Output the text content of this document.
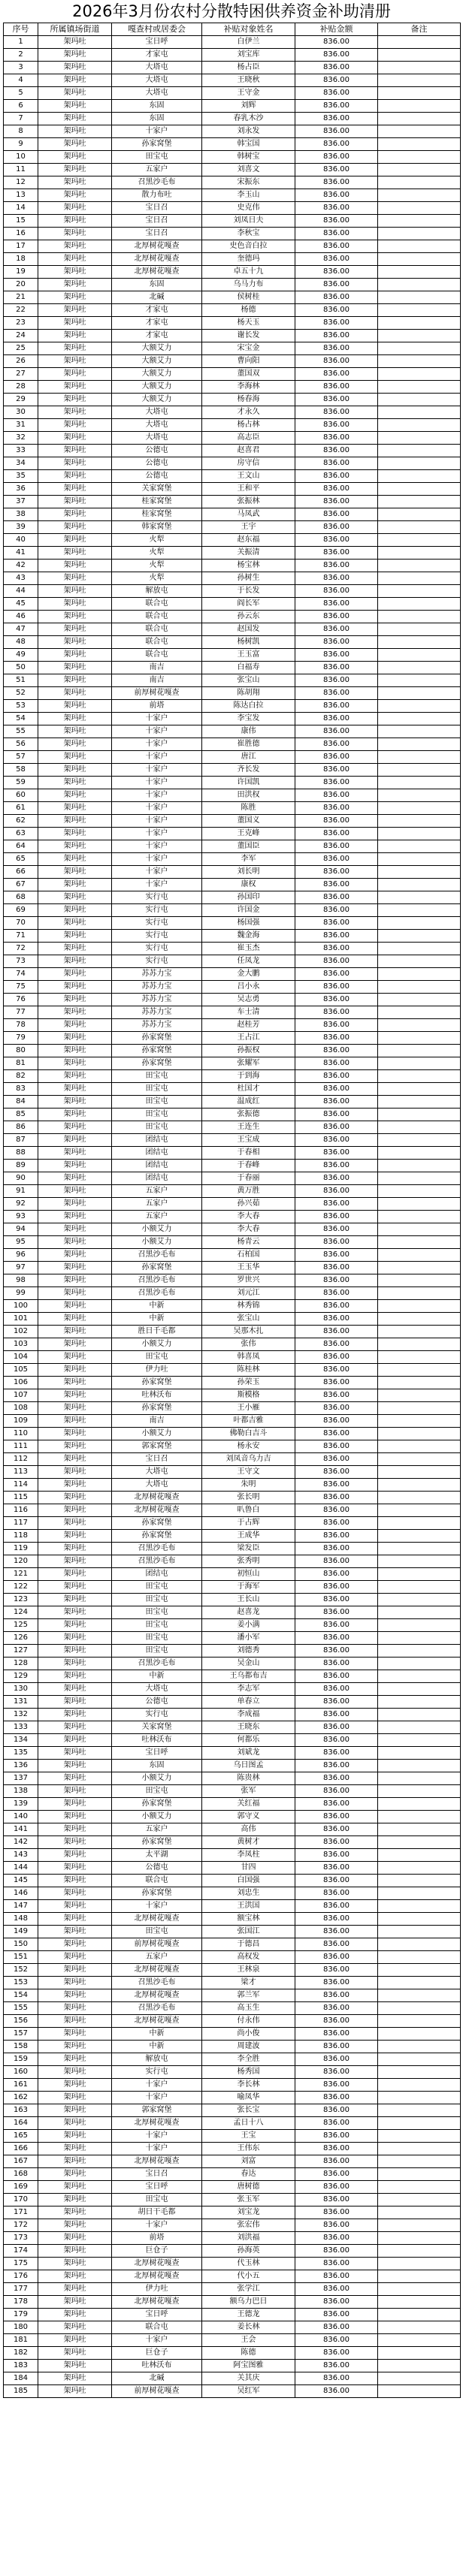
2026年3月份农村分散特困供养资金补助清册
序号	所属镇场街道	嘎查村或居委会	补贴对象姓名	补贴金额	备注
1	架玛吐	宝日呼	白伊兰	836.00	
2	架玛吐	才家屯	刘宝库	836.00	
3	架玛吐	大塔屯	杨占臣	836.00	
4	架玛吐	大塔屯	王晓秋	836.00	
5	架玛吐	大塔屯	王守金	836.00	
6	架玛吐	东固	刘辉	836.00	
7	架玛吐	东固	春乳木沙	836.00	
8	架玛吐	十家户	刘永发	836.00	
9	架玛吐	孙家窝堡	韩宝国	836.00	
10	架玛吐	田宝屯	韩树宝	836.00	
11	架玛吐	五家户	刘喜文	836.00	
12	架玛吐	召黑沙毛布	宋振东	836.00	
13	架玛吐	散力布吐	李玉山	836.00	
14	架玛吐	宝日召	史克伟	836.00	
15	架玛吐	宝日召	刘凤日夫	836.00	
16	架玛吐	宝日召	李秋宝	836.00	
17	架玛吐	北厚树花嘎查	史色音白拉	836.00	
18	架玛吐	北厚树花嘎查	奎德玛	836.00	
19	架玛吐	北厚树花嘎查	卓五十九	836.00	
20	架玛吐	东固	乌马力布	836.00	
21	架玛吐	北碱	侯树桂	836.00	
22	架玛吐	才家屯	杨德	836.00	
23	架玛吐	才家屯	杨天玉	836.00	
24	架玛吐	才家屯	谢长发	836.00	
25	架玛吐	大额艾力	宋宝金	836.00	
26	架玛吐	大额艾力	曹向阳	836.00	
27	架玛吐	大额艾力	董国双	836.00	
28	架玛吐	大额艾力	李海林	836.00	
29	架玛吐	大额艾力	杨春海	836.00	
30	架玛吐	大塔屯	才永久	836.00	
31	架玛吐	大塔屯	杨占林	836.00	
32	架玛吐	大塔屯	高志臣	836.00	
33	架玛吐	公德屯	赵喜君	836.00	
34	架玛吐	公德屯	房守信	836.00	
35	架玛吐	公德屯	王文山	836.00	
36	架玛吐	关家窝堡	王和平	836.00	
37	架玛吐	桂家窝堡	张振林	836.00	
38	架玛吐	桂家窝堡	马凤武	836.00	
39	架玛吐	韩家窝堡	王宇	836.00	
40	架玛吐	火犁	赵东福	836.00	
41	架玛吐	火犁	关振清	836.00	
42	架玛吐	火犁	杨宝林	836.00	
43	架玛吐	火犁	孙树生	836.00	
44	架玛吐	解放屯	于长发	836.00	
45	架玛吐	联合屯	阎长军	836.00	
46	架玛吐	联合屯	孙云东	836.00	
47	架玛吐	联合屯	赵国发	836.00	
48	架玛吐	联合屯	杨树凯	836.00	
49	架玛吐	联合屯	王玉富	836.00	
50	架玛吐	南吉	白福寿	836.00	
51	架玛吐	南吉	张宝山	836.00	
52	架玛吐	前厚树花嘎查	陈胡翔	836.00	
53	架玛吐	前塔	陈达白拉	836.00	
54	架玛吐	十家户	李宝发	836.00	
55	架玛吐	十家户	康伟	836.00	
56	架玛吐	十家户	崔胜德	836.00	
57	架玛吐	十家户	唐江	836.00	
58	架玛吐	十家户	齐长发	836.00	
59	架玛吐	十家户	许国凯	836.00	
60	架玛吐	十家户	田洪权	836.00	
61	架玛吐	十家户	陈胜	836.00	
62	架玛吐	十家户	董国义	836.00	
63	架玛吐	十家户	王克峰	836.00	
64	架玛吐	十家户	董国臣	836.00	
65	架玛吐	十家户	李军	836.00	
66	架玛吐	十家户	刘长明	836.00	
67	架玛吐	十家户	康权	836.00	
68	架玛吐	实行屯	孙国印	836.00	
69	架玛吐	实行屯	许国金	836.00	
70	架玛吐	实行屯	杨国强	836.00	
71	架玛吐	实行屯	魏金海	836.00	
72	架玛吐	实行屯	崔玉杰	836.00	
73	架玛吐	实行屯	任凤龙	836.00	
74	架玛吐	苏苏力宝	金大鹏	836.00	
75	架玛吐	苏苏力宝	吕小永	836.00	
76	架玛吐	苏苏力宝	吴志勇	836.00	
77	架玛吐	苏苏力宝	车士清	836.00	
78	架玛吐	苏苏力宝	赵桂芳	836.00	
79	架玛吐	孙家窝堡	王占江	836.00	
80	架玛吐	孙家窝堡	孙振权	836.00	
81	架玛吐	孙家窝堡	张耀军	836.00	
82	架玛吐	田宝屯	于到海	836.00	
83	架玛吐	田宝屯	杜国才	836.00	
84	架玛吐	田宝屯	温成红	836.00	
85	架玛吐	田宝屯	张振德	836.00	
86	架玛吐	田宝屯	王连生	836.00	
87	架玛吐	团结屯	王宝成	836.00	
88	架玛吐	团结屯	于春相	836.00	
89	架玛吐	团结屯	于春峰	836.00	
90	架玛吐	团结屯	于春丽	836.00	
91	架玛吐	五家户	黄万胜	836.00	
92	架玛吐	五家户	孙兴茹	836.00	
93	架玛吐	五家户	李大春	836.00	
94	架玛吐	小额艾力	李大春	836.00	
95	架玛吐	小额艾力	杨青云	836.00	
96	架玛吐	召黑沙毛布	石柏国	836.00	
97	架玛吐	孙家窝堡	王玉华	836.00	
98	架玛吐	召黑沙毛布	罗世兴	836.00	
99	架玛吐	召黑沙毛布	刘元江	836.00	
100	架玛吐	中新	林秀锦	836.00	
101	架玛吐	中新	张宝山	836.00	
102	架玛吐	胜日千毛都	吴那木扎	836.00	
103	架玛吐	小额艾力	张伟	836.00	
104	架玛吐	田宝屯	韩喜凤	836.00	
105	架玛吐	伊力吐	陈桂林	836.00	
106	架玛吐	孙家窝堡	孙荣玉	836.00	
107	架玛吐	吐林沃布	斯模格	836.00	
108	架玛吐	孙家窝堡	王小雁	836.00	
109	架玛吐	南吉	叶都吉雅	836.00	
110	架玛吐	小额艾力	佛勒白吉斗	836.00	
111	架玛吐	郭家窝堡	杨永安	836.00	
112	架玛吐	宝日召	刘凤音乌力吉	836.00	
113	架玛吐	大塔屯	王守文	836.00	
114	架玛吐	大塔屯	朱明	836.00	
115	架玛吐	北厚树花嘎查	张长明	836.00	
116	架玛吐	北厚树花嘎查	叭鲁白	836.00	
117	架玛吐	孙家窝堡	于占辉	836.00	
118	架玛吐	孙家窝堡	王成华	836.00	
119	架玛吐	召黑沙毛布	梁发臣	836.00	
120	架玛吐	召黑沙毛布	张秀明	836.00	
121	架玛吐	团结屯	初恒山	836.00	
122	架玛吐	田宝屯	于海军	836.00	
123	架玛吐	田宝屯	王长山	836.00	
124	架玛吐	田宝屯	赵喜龙	836.00	
125	架玛吐	田宝屯	姜小满	836.00	
126	架玛吐	田宝屯	潘小军	836.00	
127	架玛吐	田宝屯	刘德秀	836.00	
128	架玛吐	召黑沙毛布	吴金山	836.00	
129	架玛吐	中新	王乌都布吉	836.00	
130	架玛吐	大塔屯	李志军	836.00	
131	架玛吐	公德屯	单春立	836.00	
132	架玛吐	实行屯	李成福	836.00	
133	架玛吐	关家窝堡	王晓东	836.00	
134	架玛吐	吐林沃布	何都乐	836.00	
135	架玛吐	宝日呼	刘斌龙	836.00	
136	架玛吐	东固	乌日图孟	836.00	
137	架玛吐	小额艾力	陈贵林	836.00	
138	架玛吐	田宝屯	张军	836.00	
139	架玛吐	孙家窝堡	关红福	836.00	
140	架玛吐	小额艾力	郭守义	836.00	
141	架玛吐	五家户	高伟	836.00	
142	架玛吐	孙家窝堡	黄树才	836.00	
143	架玛吐	太平湖	李凤柱	836.00	
144	架玛吐	公德屯	甘四	836.00	
145	架玛吐	联合屯	白国强	836.00	
146	架玛吐	孙家窝堡	刘忠生	836.00	
147	架玛吐	十家户	王洪国	836.00	
148	架玛吐	北厚树花嘎查	额宝林	836.00	
149	架玛吐	田宝屯	张国江	836.00	
150	架玛吐	前厚树花嘎查	于德昌	836.00	
151	架玛吐	五家户	高权发	836.00	
152	架玛吐	北厚树花嘎查	王林泉	836.00	
153	架玛吐	召黑沙毛布	梁才	836.00	
154	架玛吐	北厚树花嘎查	郭兰军	836.00	
155	架玛吐	召黑沙毛布	高玉生	836.00	
156	架玛吐	北厚树花嘎查	付永伟	836.00	
157	架玛吐	中新	尚小俊	836.00	
158	架玛吐	中新	周建波	836.00	
159	架玛吐	解放屯	李全胜	836.00	
160	架玛吐	实行屯	杨秀国	836.00	
161	架玛吐	十家户	李长林	836.00	
162	架玛吐	十家户	喻凤华	836.00	
163	架玛吐	郭家窝堡	张长宝	836.00	
164	架玛吐	北厚树花嘎查	孟日十八	836.00	
165	架玛吐	十家户	王宝	836.00	
166	架玛吐	十家户	王伟东	836.00	
167	架玛吐	北厚树花嘎查	刘富	836.00	
168	架玛吐	宝日召	春达	836.00	
169	架玛吐	宝日呼	唐树德	836.00	
170	架玛吐	田宝屯	张玉军	836.00	
171	架玛吐	胡日干毛都	刘宝龙	836.00	
172	架玛吐	十家户	张宏伟	836.00	
173	架玛吐	前塔	刘洪福	836.00	
174	架玛吐	巨仓子	孙海英	836.00	
175	架玛吐	北厚树花嘎查	代玉林	836.00	
176	架玛吐	北厚树花嘎查	代小五	836.00	
177	架玛吐	伊力吐	张学江	836.00	
178	架玛吐	北厚树花嘎查	额乌力巴日	836.00	
179	架玛吐	宝日呼	王德龙	836.00	
180	架玛吐	联合屯	姜长林	836.00	
181	架玛吐	十家户	王会	836.00	
182	架玛吐	巨仓子	陈德	836.00	
183	架玛吐	吐林沃布	阿宝图雅	836.00	
184	架玛吐	北碱	关其庆	836.00	
185	架玛吐	前厚树花嘎查	吴红军	836.00	
